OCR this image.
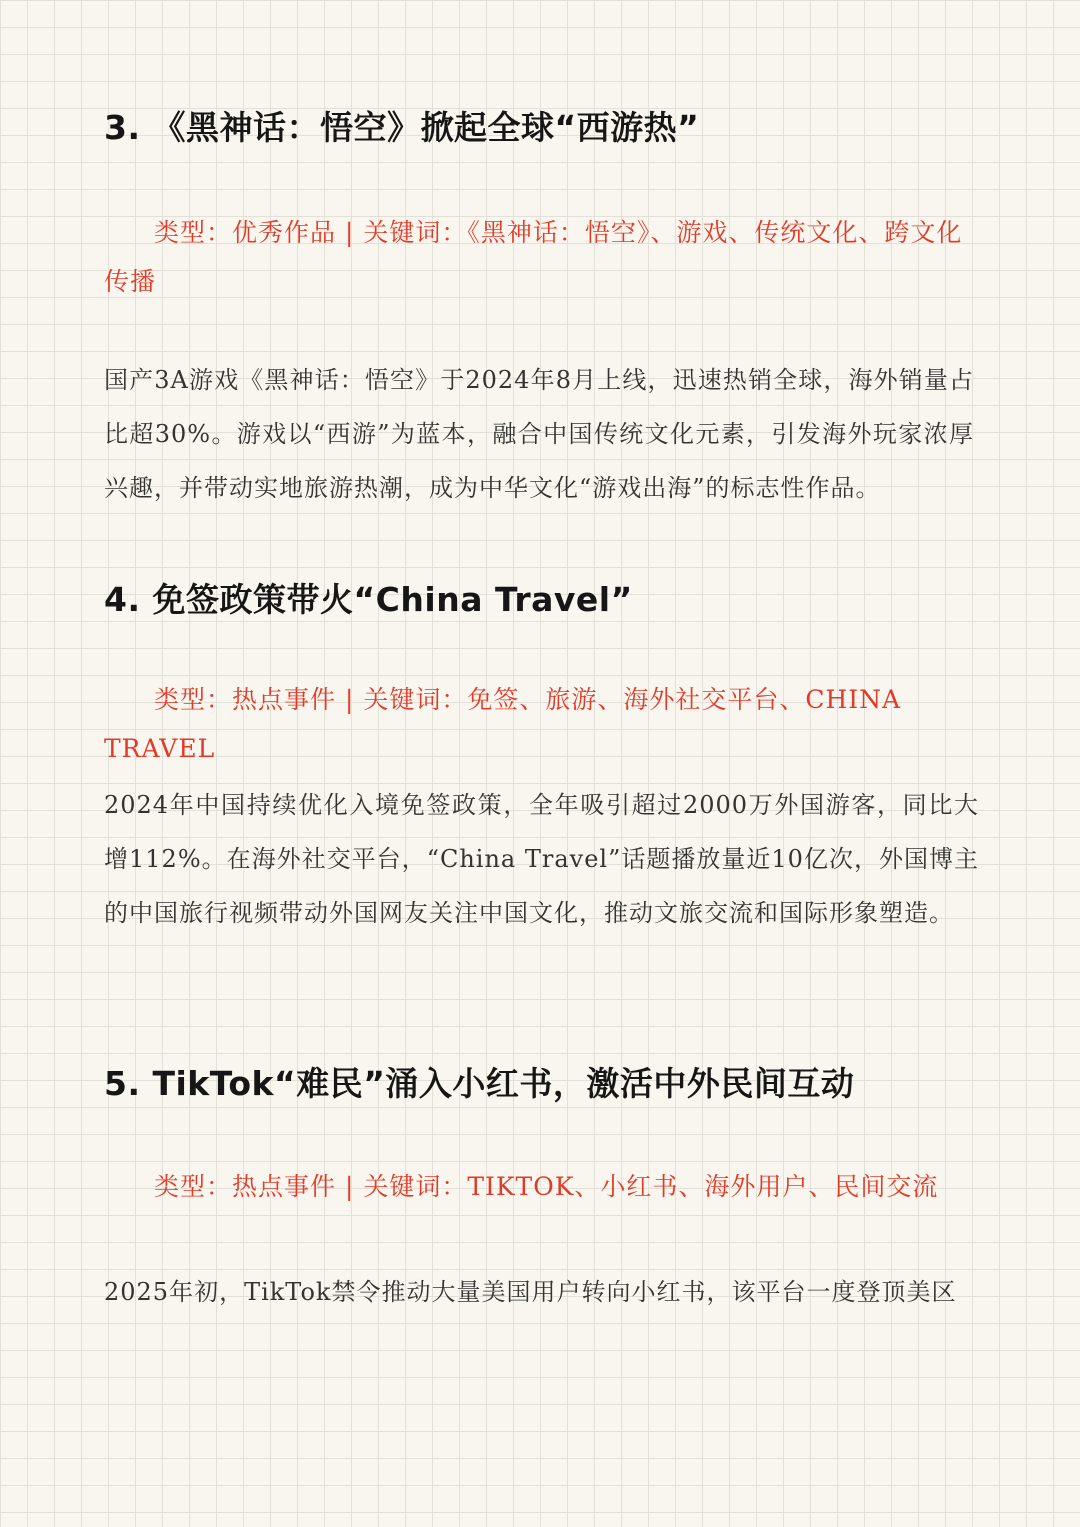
3. 《黑神话：悟空》掀起全球“西游热”

类型：优秀作品 | 关键词：《黑神话：悟空》、游戏、传统文化、跨文化传播

国产3A游戏《黑神话：悟空》于2024年8月上线，迅速热销全球，海外销量占比超30%。游戏以“西游”为蓝本，融合中国传统文化元素，引发海外玩家浓厚兴趣，并带动实地旅游热潮，成为中华文化“游戏出海”的标志性作品。

4. 免签政策带火“China Travel”

类型：热点事件 | 关键词：免签、旅游、海外社交平台、CHINA TRAVEL

2024年中国持续优化入境免签政策，全年吸引超过2000万外国游客，同比大增112%。在海外社交平台，“China Travel”话题播放量近10亿次，外国博主的中国旅行视频带动外国网友关注中国文化，推动文旅交流和国际形象塑造。

5. TikTok“难民”涌入小红书，激活中外民间互动

类型：热点事件 | 关键词：TIKTOK、小红书、海外用户、民间交流

2025年初，TikTok禁令推动大量美国用户转向小红书，该平台一度登顶美区
